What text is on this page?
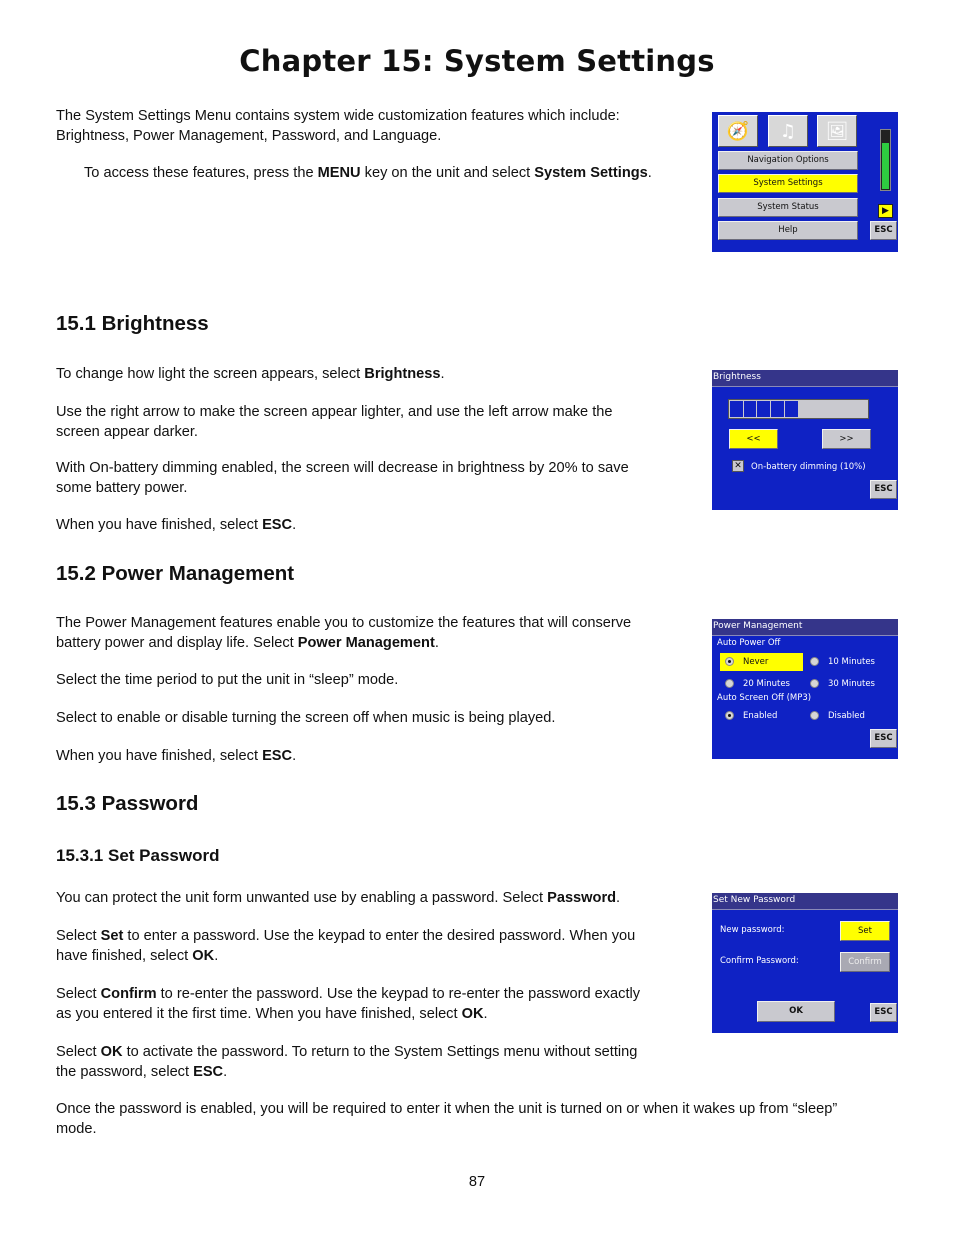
Chapter 15: System Settings

The System Settings Menu contains system wide customization features which include:
Brightness, Power Management, Password, and Language.

To access these features, press the MENU key on the unit and select System Settings.

🧭	♫	🖼
Navigation Options
System Settings
System Status
Help
▶
ESC
15.1 Brightness

To change how light the screen appears, select Brightness.

Use the right arrow to make the screen appear lighter, and use the left arrow make the
screen appear darker.

With On-battery dimming enabled, the screen will decrease in brightness by 20% to save
some battery power.

When you have finished, select ESC.

Brightness
<<	>>
✕ On-battery dimming (10%)
ESC
15.2 Power Management

The Power Management features enable you to customize the features that will conserve
battery power and display life. Select Power Management.

Select the time period to put the unit in “sleep” mode.

Select to enable or disable turning the screen off when music is being played.

When you have finished, select ESC.

Power Management
Auto Power Off
Never	10 Minutes
20 Minutes	30 Minutes
Auto Screen Off (MP3)
Enabled	Disabled
ESC
15.3 Password
15.3.1 Set Password

You can protect the unit form unwanted use by enabling a password. Select Password.

Select Set to enter a password. Use the keypad to enter the desired password. When you
have finished, select OK.

Select Confirm to re-enter the password. Use the keypad to re-enter the password exactly
as you entered it the first time. When you have finished, select OK.

Select OK to activate the password. To return to the System Settings menu without setting
the password, select ESC.

Once the password is enabled, you will be required to enter it when the unit is turned on or when it wakes up from “sleep”
mode.

Set New Password
New password:	Set
Confirm Password:	Confirm
OK	ESC
87
